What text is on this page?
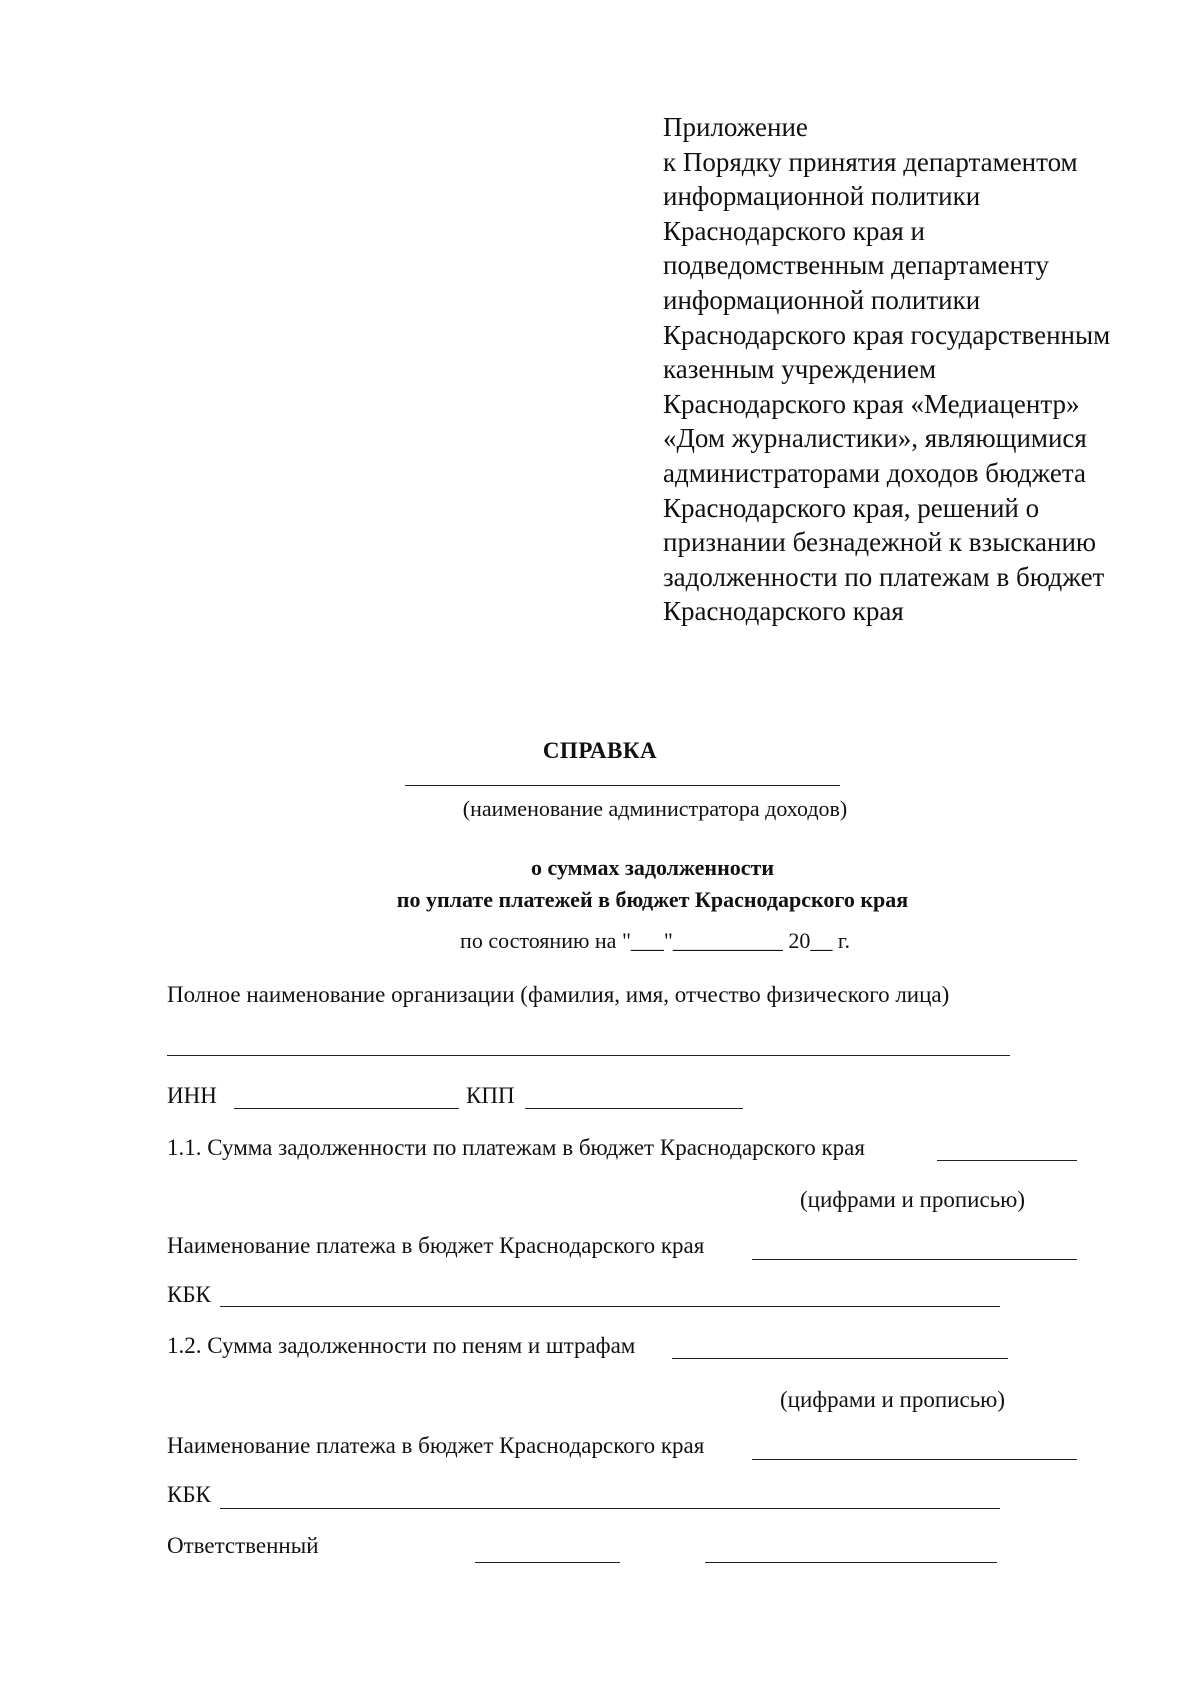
Приложение
к Порядку принятия департаментом
информационной политики
Краснодарского края и
подведомственным департаменту
информационной политики
Краснодарского края государственным
казенным учреждением
Краснодарского края «Медиацентр»
«Дом журналистики», являющимися
администраторами доходов бюджета
Краснодарского края, решений о
признании безнадежной к взысканию
задолженности по платежам в бюджет
Краснодарского края
СПРАВКА
(наименование администратора доходов)
о суммах задолженности
по уплате платежей в бюджет Краснодарского края
по состоянию на "___"__________ 20__ г.
Полное наименование организации (фамилия, имя, отчество физического лица)
ИНН	КПП
1.1. Сумма задолженности по платежам в бюджет Краснодарского края
(цифрами и прописью)
Наименование платежа в бюджет Краснодарского края
КБК
1.2. Сумма задолженности по пеням и штрафам
(цифрами и прописью)
Наименование платежа в бюджет Краснодарского края
КБК
Ответственный
